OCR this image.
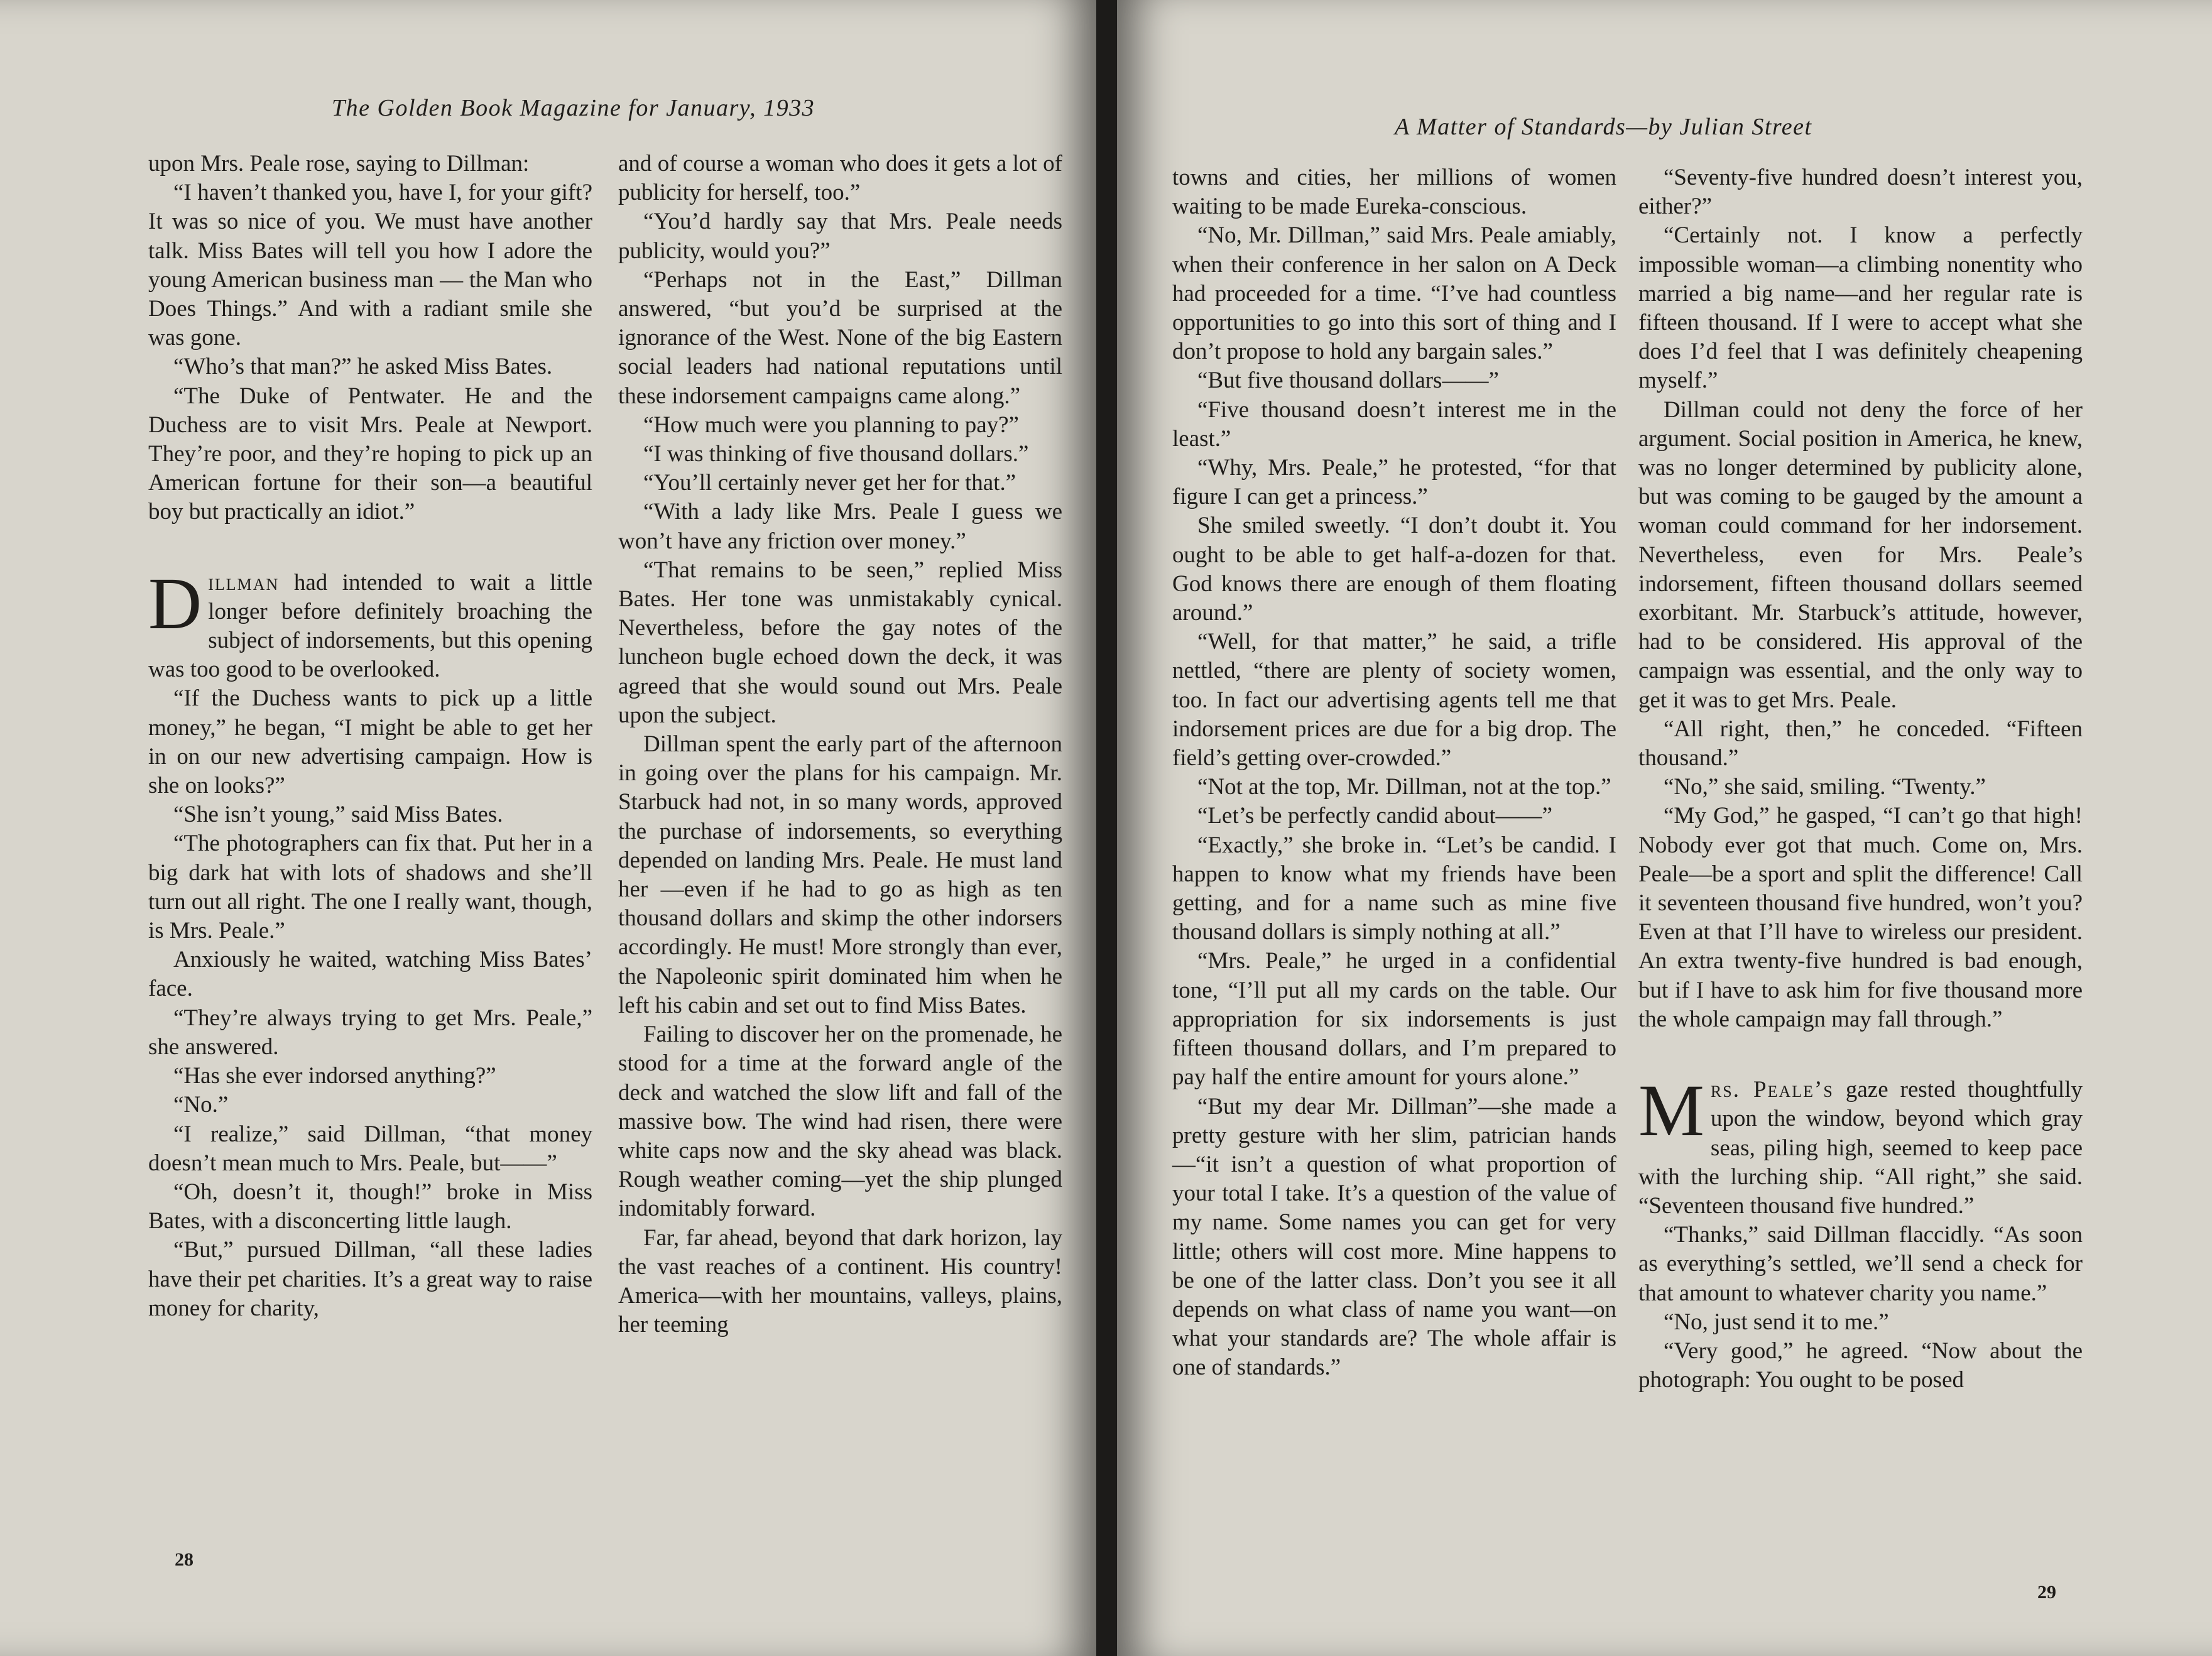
The Golden Book Magazine for January, 1933

upon Mrs. Peale rose, saying to Dillman:

“I haven’t thanked you, have I, for your gift? It was so nice of you. We must have another talk. Miss Bates will tell you how I adore the young American business man — the Man who Does Things.” And with a radiant smile she was gone.

“Who’s that man?” he asked Miss Bates.

“The Duke of Pentwater. He and the Duchess are to visit Mrs. Peale at Newport. They’re poor, and they’re hoping to pick up an American fortune for their son—a beautiful boy but practically an idiot.”

Dillman had intended to wait a little longer before definitely broaching the subject of indorsements, but this opening was too good to be overlooked.

“If the Duchess wants to pick up a little money,” he began, “I might be able to get her in on our new advertising campaign. How is she on looks?”

“She isn’t young,” said Miss Bates.

“The photographers can fix that. Put her in a big dark hat with lots of shadows and she’ll turn out all right. The one I really want, though, is Mrs. Peale.”

Anxiously he waited, watching Miss Bates’ face.

“They’re always trying to get Mrs. Peale,” she answered.

“Has she ever indorsed anything?”

“No.”

“I realize,” said Dillman, “that money doesn’t mean much to Mrs. Peale, but——”

“Oh, doesn’t it, though!” broke in Miss Bates, with a disconcerting little laugh.

“But,” pursued Dillman, “all these ladies have their pet charities. It’s a great way to raise money for charity,

and of course a woman who does it gets a lot of publicity for herself, too.”

“You’d hardly say that Mrs. Peale needs publicity, would you?”

“Perhaps not in the East,” Dillman answered, “but you’d be surprised at the ignorance of the West. None of the big Eastern social leaders had national reputations until these indorsement campaigns came along.”

“How much were you planning to pay?”

“I was thinking of five thousand dollars.”

“You’ll certainly never get her for that.”

“With a lady like Mrs. Peale I guess we won’t have any friction over money.”

“That remains to be seen,” replied Miss Bates. Her tone was unmistakably cynical. Nevertheless, before the gay notes of the luncheon bugle echoed down the deck, it was agreed that she would sound out Mrs. Peale upon the subject.

Dillman spent the early part of the afternoon in going over the plans for his campaign. Mr. Starbuck had not, in so many words, approved the purchase of indorsements, so everything depended on landing Mrs. Peale. He must land her —even if he had to go as high as ten thousand dollars and skimp the other indorsers accordingly. He must! More strongly than ever, the Napoleonic spirit dominated him when he left his cabin and set out to find Miss Bates.

Failing to discover her on the promenade, he stood for a time at the forward angle of the deck and watched the slow lift and fall of the massive bow. The wind had risen, there were white caps now and the sky ahead was black. Rough weather coming—yet the ship plunged indomitably forward.

Far, far ahead, beyond that dark horizon, lay the vast reaches of a continent. His country! America—with her mountains, valleys, plains, her teeming

28
A Matter of Standards—by Julian Street

towns and cities, her millions of women waiting to be made Eureka-conscious.

“No, Mr. Dillman,” said Mrs. Peale amiably, when their conference in her salon on A Deck had proceeded for a time. “I’ve had countless opportunities to go into this sort of thing and I don’t propose to hold any bargain sales.”

“But five thousand dollars——”

“Five thousand doesn’t interest me in the least.”

“Why, Mrs. Peale,” he protested, “for that figure I can get a princess.”

She smiled sweetly. “I don’t doubt it. You ought to be able to get half-a-dozen for that. God knows there are enough of them floating around.”

“Well, for that matter,” he said, a trifle nettled, “there are plenty of society women, too. In fact our advertising agents tell me that indorsement prices are due for a big drop. The field’s getting over-crowded.”

“Not at the top, Mr. Dillman, not at the top.”

“Let’s be perfectly candid about——”

“Exactly,” she broke in. “Let’s be candid. I happen to know what my friends have been getting, and for a name such as mine five thousand dollars is simply nothing at all.”

“Mrs. Peale,” he urged in a confidential tone, “I’ll put all my cards on the table. Our appropriation for six indorsements is just fifteen thousand dollars, and I’m prepared to pay half the entire amount for yours alone.”

“But my dear Mr. Dillman”—she made a pretty gesture with her slim, patrician hands—“it isn’t a question of what proportion of your total I take. It’s a question of the value of my name. Some names you can get for very little; others will cost more. Mine happens to be one of the latter class. Don’t you see it all depends on what class of name you want—on what your standards are? The whole affair is one of standards.”

“Seventy-five hundred doesn’t interest you, either?”

“Certainly not. I know a perfectly impossible woman—a climbing nonentity who married a big name—and her regular rate is fifteen thousand. If I were to accept what she does I’d feel that I was definitely cheapening myself.”

Dillman could not deny the force of her argument. Social position in America, he knew, was no longer determined by publicity alone, but was coming to be gauged by the amount a woman could command for her indorsement. Nevertheless, even for Mrs. Peale’s indorsement, fifteen thousand dollars seemed exorbitant. Mr. Starbuck’s attitude, however, had to be considered. His approval of the campaign was essential, and the only way to get it was to get Mrs. Peale.

“All right, then,” he conceded. “Fifteen thousand.”

“No,” she said, smiling. “Twenty.”

“My God,” he gasped, “I can’t go that high! Nobody ever got that much. Come on, Mrs. Peale—be a sport and split the difference! Call it seventeen thousand five hundred, won’t you? Even at that I’ll have to wireless our president. An extra twenty-five hundred is bad enough, but if I have to ask him for five thousand more the whole campaign may fall through.”

Mrs. Peale’s gaze rested thoughtfully upon the window, beyond which gray seas, piling high, seemed to keep pace with the lurching ship. “All right,” she said. “Seventeen thousand five hundred.”

“Thanks,” said Dillman flaccidly. “As soon as everything’s settled, we’ll send a check for that amount to whatever charity you name.”

“No, just send it to me.”

“Very good,” he agreed. “Now about the photograph: You ought to be posed

29
